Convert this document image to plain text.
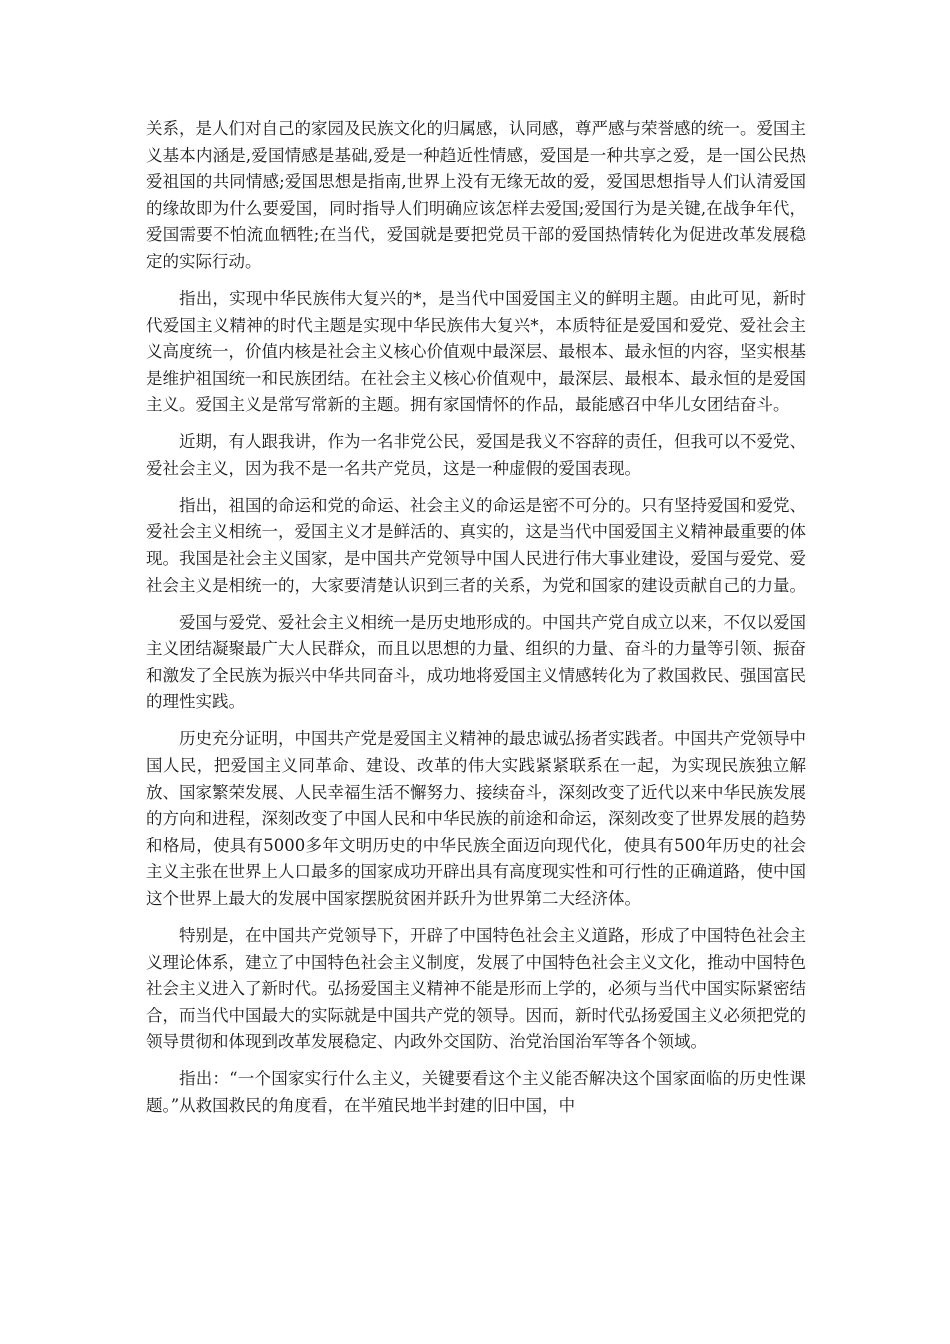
关系，是人们对自己的家园及民族文化的归属感，认同感，尊严感与荣誉感的统一。爱国主义基本内涵是,爱国情感是基础,爱是一种趋近性情感，爱国是一种共享之爱，是一国公民热爱祖国的共同情感;爱国思想是指南,世界上没有无缘无故的爱，爱国思想指导人们认清爱国的缘故即为什么要爱国，同时指导人们明确应该怎样去爱国;爱国行为是关键,在战争年代，爱国需要不怕流血牺牲;在当代，爱国就是要把党员干部的爱国热情转化为促进改革发展稳定的实际行动。

指出，实现中华民族伟大复兴的*，是当代中国爱国主义的鲜明主题。由此可见，新时代爱国主义精神的时代主题是实现中华民族伟大复兴*，本质特征是爱国和爱党、爱社会主义高度统一，价值内核是社会主义核心价值观中最深层、最根本、最永恒的内容，坚实根基是维护祖国统一和民族团结。在社会主义核心价值观中，最深层、最根本、最永恒的是爱国主义。爱国主义是常写常新的主题。拥有家国情怀的作品，最能感召中华儿女团结奋斗。

近期，有人跟我讲，作为一名非党公民，爱国是我义不容辞的责任，但我可以不爱党、爱社会主义，因为我不是一名共产党员，这是一种虚假的爱国表现。

指出，祖国的命运和党的命运、社会主义的命运是密不可分的。只有坚持爱国和爱党、爱社会主义相统一，爱国主义才是鲜活的、真实的，这是当代中国爱国主义精神最重要的体现。我国是社会主义国家，是中国共产党领导中国人民进行伟大事业建设，爱国与爱党、爱社会主义是相统一的，大家要清楚认识到三者的关系，为党和国家的建设贡献自己的力量。

爱国与爱党、爱社会主义相统一是历史地形成的。中国共产党自成立以来，不仅以爱国主义团结凝聚最广大人民群众，而且以思想的力量、组织的力量、奋斗的力量等引领、振奋和激发了全民族为振兴中华共同奋斗，成功地将爱国主义情感转化为了救国救民、强国富民的理性实践。

历史充分证明，中国共产党是爱国主义精神的最忠诚弘扬者实践者。中国共产党领导中国人民，把爱国主义同革命、建设、改革的伟大实践紧紧联系在一起，为实现民族独立解放、国家繁荣发展、人民幸福生活不懈努力、接续奋斗，深刻改变了近代以来中华民族发展的方向和进程，深刻改变了中国人民和中华民族的前途和命运，深刻改变了世界发展的趋势和格局，使具有5000多年文明历史的中华民族全面迈向现代化，使具有500年历史的社会主义主张在世界上人口最多的国家成功开辟出具有高度现实性和可行性的正确道路，使中国这个世界上最大的发展中国家摆脱贫困并跃升为世界第二大经济体。

特别是，在中国共产党领导下，开辟了中国特色社会主义道路，形成了中国特色社会主义理论体系，建立了中国特色社会主义制度，发展了中国特色社会主义文化，推动中国特色社会主义进入了新时代。弘扬爱国主义精神不能是形而上学的，必须与当代中国实际紧密结合，而当代中国最大的实际就是中国共产党的领导。因而，新时代弘扬爱国主义必须把党的领导贯彻和体现到改革发展稳定、内政外交国防、治党治国治军等各个领域。

指出：“一个国家实行什么主义，关键要看这个主义能否解决这个国家面临的历史性课题。”从救国救民的角度看，在半殖民地半封建的旧中国，中
